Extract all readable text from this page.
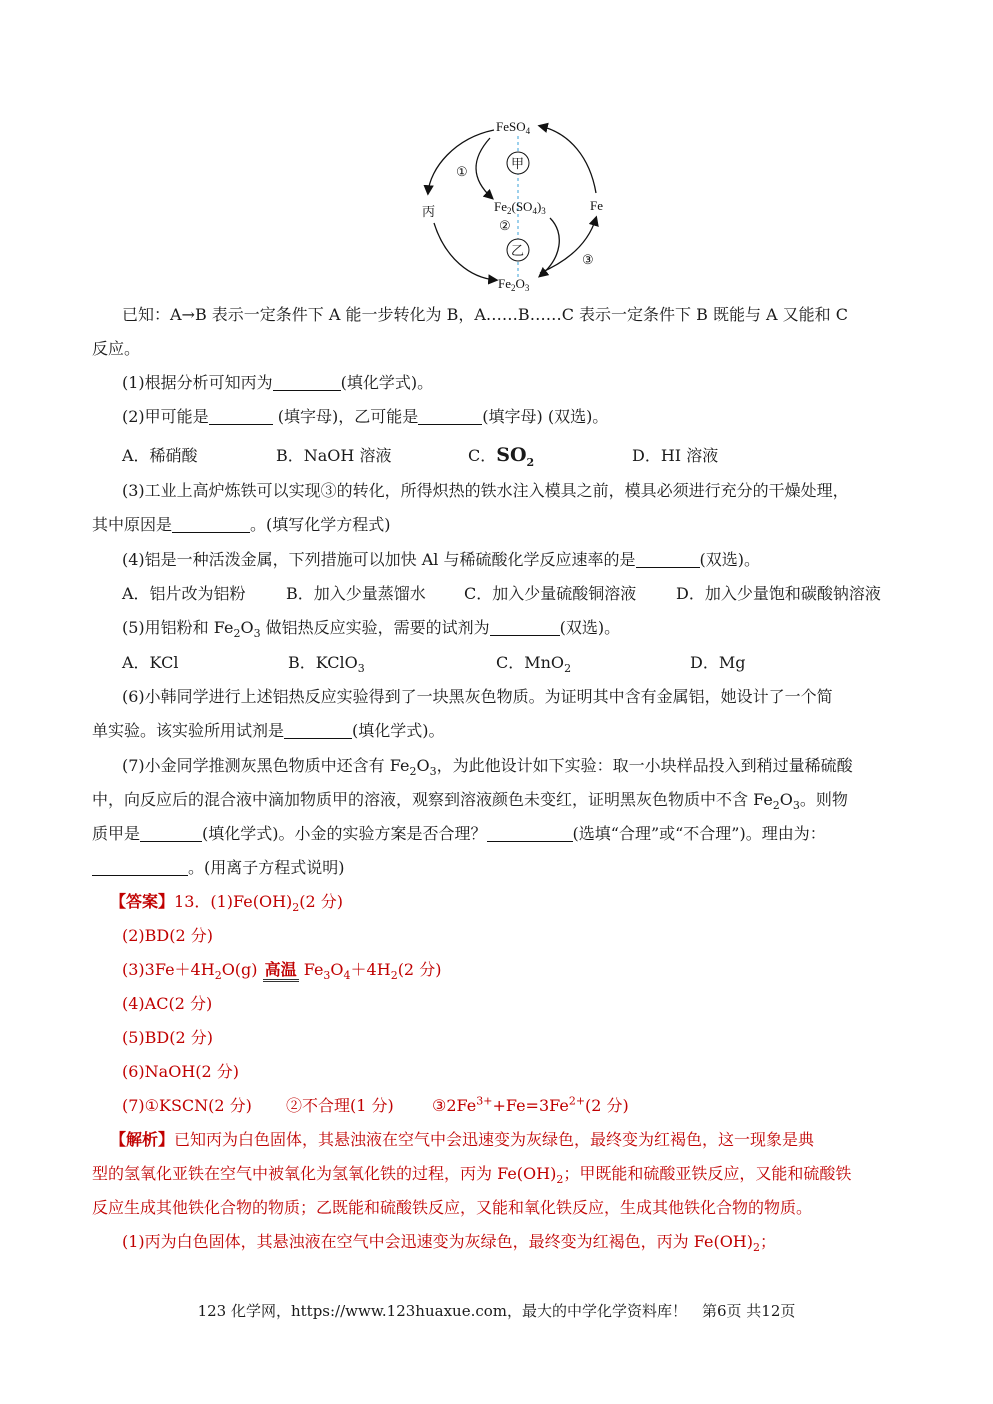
甲
乙
FeSO$_4$
$Fe_2(SO_4)_3$
$Fe_2O_3$
Fe
丙
①
②
③
已知：A→B 表示一定条件下 A 能一步转化为 B，A……B……C 表示一定条件下 B 既能与 A 又能和 C
反应。
(1)根据分析可知丙为	(填化学式)。
(2)甲可能是	(填字母)，乙可能是	(填字母) (双选)。
A．稀硝酸	B．NaOH 溶液	C．$SO_2$	D．HI 溶液
(3)工业上高炉炼铁可以实现③的转化，所得炽热的铁水注入模具之前，模具必须进行充分的干燥处理，
其中原因是	。(填写化学方程式)
(4)铝是一种活泼金属，下列措施可以加快 Al 与稀硫酸化学反应速率的是	(双选)。
A．铝片改为铝粉	B．加入少量蒸馏水 C．加入少量硫酸铜溶液 D．加入少量饱和碳酸钠溶液
(5)用铝粉和 $Fe_2O_3$ 做铝热反应实验，需要的试剂为	(双选)。
A．KCl	B．KClO$_3$	C．MnO$_2$	D．Mg
(6)小韩同学进行上述铝热反应实验得到了一块黑灰色物质。为证明其中含有金属铝，她设计了一个简
单实验。该实验所用试剂是	(填化学式)。
(7)小金同学推测灰黑色物质中还含有 $Fe_2O_3$，为此他设计如下实验：取一小块样品投入到稍过量稀硫酸
中，向反应后的混合液中滴加物质甲的溶液，观察到溶液颜色未变红，证明黑灰色物质中不含 $Fe_2O_3$。则物
质甲是	(填化学式)。小金的实验方案是否合理？	(选填“合理”或“不合理”)。理由为：
。(用离子方程式说明)
【答案】13．$(1)Fe(OH)_2(2$ 分)
(2)BD(2 分)
$(3)3Fe+4H_2O(g)$ 高温 $Fe_3O_4+4H_2(2$ 分)
(4)AC(2 分)
(5)BD(2 分)
(6)NaOH(2 分)
(7)①KSCN(2 分) ②不合理(1 分) $③2Fe^{3+}+Fe=3Fe^{2+}(2$ 分)
【解析】已知丙为白色固体，其悬浊液在空气中会迅速变为灰绿色，最终变为红褐色，这一现象是典
型的氢氧化亚铁在空气中被氧化为氢氧化铁的过程，丙为 $Fe(OH)_2$；甲既能和硫酸亚铁反应，又能和硫酸铁
反应生成其他铁化合物的物质；乙既能和硫酸铁反应，又能和氧化铁反应，生成其他铁化合物的物质。
(1)丙为白色固体，其悬浊液在空气中会迅速变为灰绿色，最终变为红褐色，丙为 $Fe(OH)_2$；
123 化学网，https://www.123huaxue.com，最大的中学化学资料库！　第6页 共12页
